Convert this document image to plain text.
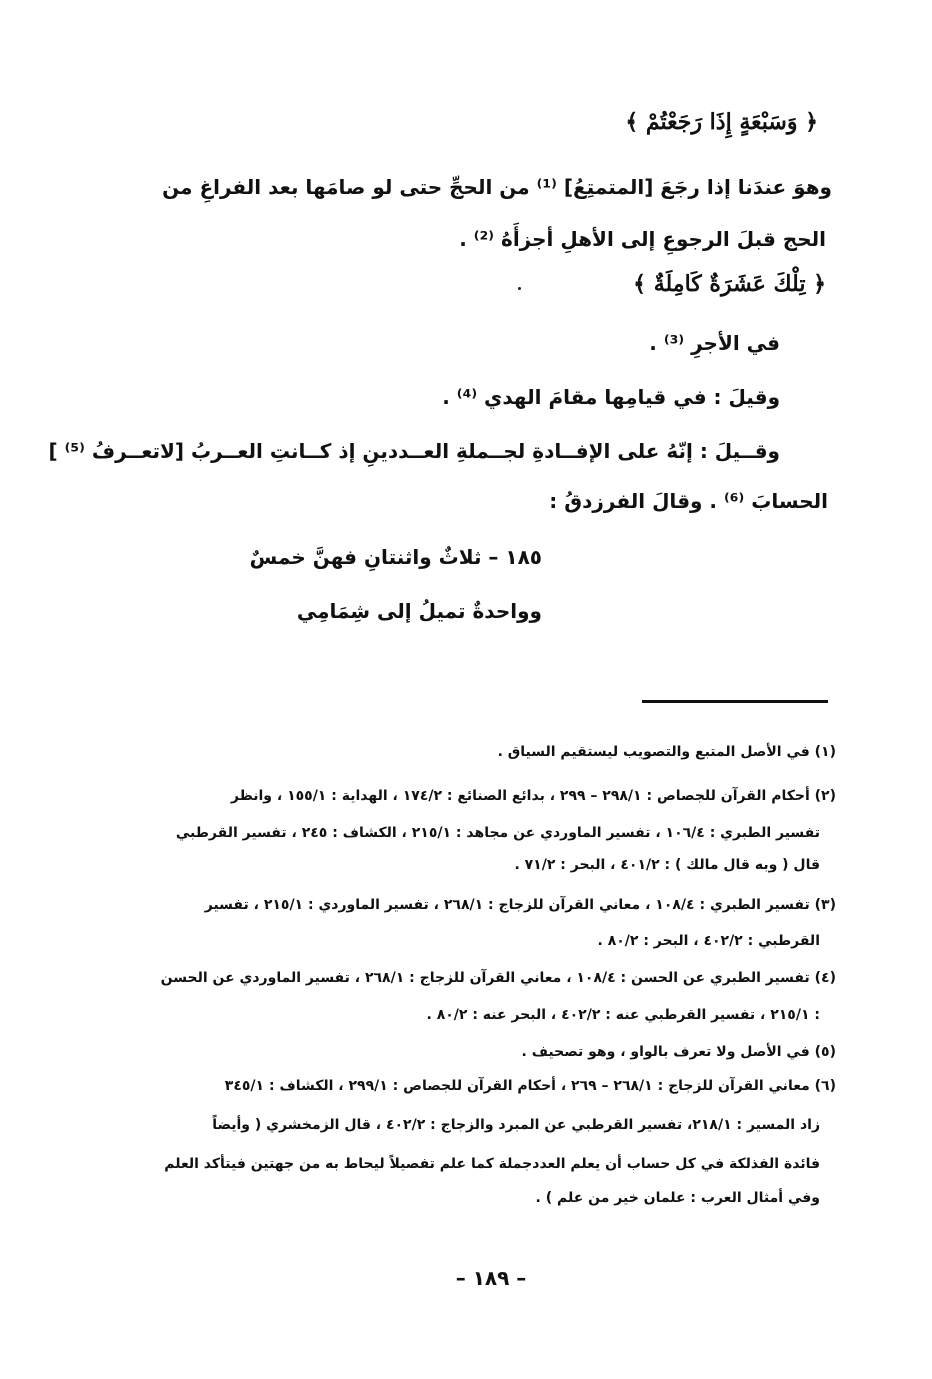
﴿ وَسَبْعَةٍ إِذَا رَجَعْتُمْ ﴾
وهوَ عندَنا إذا رجَعَ [المتمتِعُ] ⁽¹⁾ من الحجِّ حتى لو صامَها بعد الفراغِ من
الحج قبلَ الرجوعِ إلى الأهلِ أجزأَهُ ⁽²⁾ .
﴿ تِلْكَ عَشَرَةٌ كَامِلَةٌ ﴾
في الأجرِ ⁽³⁾ .
وقيلَ : في قيامِها مقامَ الهدي ⁽⁴⁾ .
وقــيلَ : إنّهُ على الإفــادةِ لجــملةِ العــددينِ إذ كــانتِ العــربُ [لاتعــرفُ ⁽⁵⁾ ]
الحسابَ ⁽⁶⁾ . وقالَ الفرزدقُ :
١٨٥ – ثلاثٌ واثنتانِ فهنَّ خمسٌ
وواحدةٌ تميلُ إلى شِمَامِي
(١) في الأصل المتبع والتصويب ليستقيم السياق .
(٢) أحكام القرآن للجصاص : ٢٩٨/١ – ٢٩٩ ، بدائع الصنائع : ١٧٤/٢ ، الهداية : ١٥٥/١ ، وانظر
تفسير الطبري : ١٠٦/٤ ، تفسير الماوردي عن مجاهد : ٢١٥/١ ، الكشاف : ٢٤٥ ، تفسير القرطبي
قال ( وبه قال مالك ) : ٤٠١/٢ ، البحر : ٧١/٢ .
(٣) تفسير الطبري : ١٠٨/٤ ، معاني القرآن للزجاج : ٢٦٨/١ ، تفسير الماوردي : ٢١٥/١ ، تفسير
القرطبي : ٤٠٢/٢ ، البحر : ٨٠/٢ .
(٤) تفسير الطبري عن الحسن : ١٠٨/٤ ، معاني القرآن للزجاج : ٢٦٨/١ ، تفسير الماوردي عن الحسن
: ٢١٥/١ ، تفسير القرطبي عنه : ٤٠٢/٢ ، البحر عنه : ٨٠/٢ .
(٥) في الأصل ولا تعرف بالواو ، وهو تصحيف .
(٦) معاني القرآن للزجاج : ٢٦٨/١ – ٢٦٩ ، أحكام القرآن للجصاص : ٢٩٩/١ ، الكشاف : ٣٤٥/١
زاد المسير : ٢١٨/١، تفسير القرطبي عن المبرد والزجاج : ٤٠٢/٢ ، قال الزمخشري ( وأيضاً
فائدة الفذلكة في كل حساب أن يعلم العددجملة كما علم تفصيلاً ليحاط به من جهتين فيتأكد العلم
وفي أمثال العرب : علمان خير من علم ) .
– ١٨٩ –
